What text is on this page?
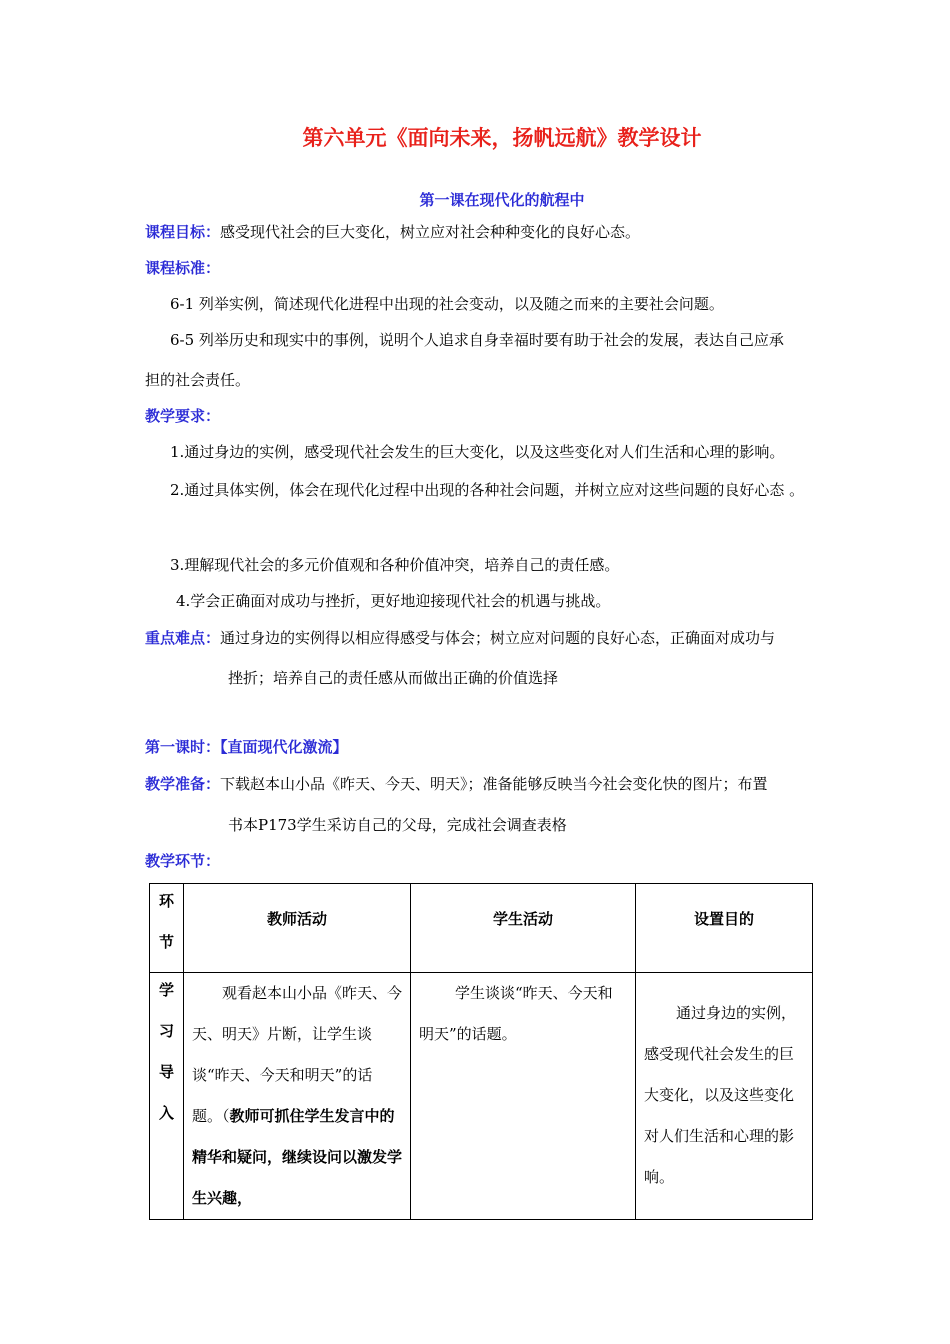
第六单元《面向未来，扬帆远航》教学设计
第一课在现代化的航程中
课程目标：感受现代社会的巨大变化，树立应对社会种种变化的良好心态。
课程标准：
6-1 列举实例，简述现代化进程中出现的社会变动，以及随之而来的主要社会问题。
6-5 列举历史和现实中的事例，说明个人追求自身幸福时要有助于社会的发展，表达自己应承
担的社会责任。
教学要求：
1.通过身边的实例，感受现代社会发生的巨大变化，以及这些变化对人们生活和心理的影响。
2.通过具体实例，体会在现代化过程中出现的各种社会问题，并树立应对这些问题的良好心态 。
3.理解现代社会的多元价值观和各种价值冲突，培养自己的责任感。
4.学会正确面对成功与挫折，更好地迎接现代社会的机遇与挑战。
重点难点：通过身边的实例得以相应得感受与体会；树立应对问题的良好心态，正确面对成功与
挫折；培养自己的责任感从而做出正确的价值选择
第一课时：【直面现代化激流】
教学准备：下载赵本山小品《昨天、今天、明天》；准备能够反映当今社会变化快的图片；布置
书本P173学生采访自己的父母，完成社会调查表格
教学环节：
环
节	教师活动	学生活动	设置目的

学
习
导
入	观看赵本山小品《昨天、今天、明天》片断，让学生谈谈“昨天、今天和明天”的话题。（教师可抓住学生发言中的精华和疑问，继续设问以激发学生兴趣，	学生谈谈“昨天、今天和明天”的话题。	通过身边的实例，感受现代社会发生的巨大变化，以及这些变化对人们生活和心理的影响。
